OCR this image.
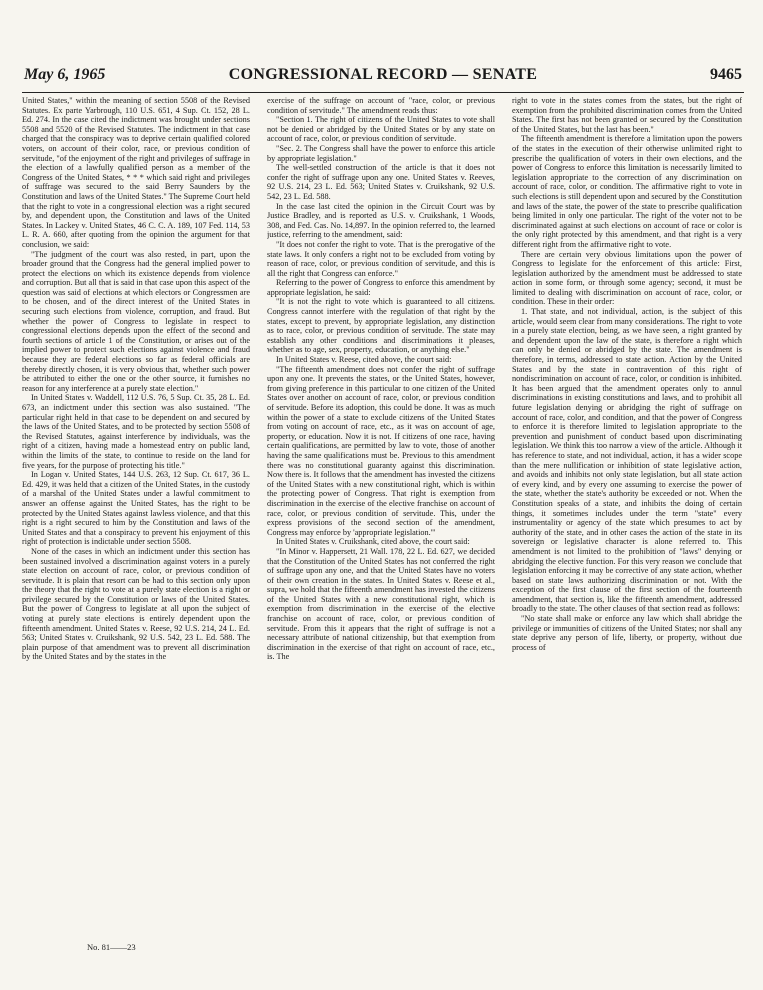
May 6, 1965	CONGRESSIONAL RECORD — SENATE	9465

United States," within the meaning of section 5508 of the Revised Statutes. Ex parte Yarbrough, 110 U.S. 651, 4 Sup. Ct. 152, 28 L. Ed. 274. In the case cited the indictment was brought under sections 5508 and 5520 of the Revised Statutes. The indictment in that case charged that the conspiracy was to deprive certain qualified colored voters, on account of their color, race, or previous condition of servitude, "of the enjoyment of the right and privileges of suffrage in the election of a lawfully qualified person as a member of the Congress of the United States, * * * which said right and privileges of suffrage was secured to the said Berry Saunders by the Constitution and laws of the United States." The Supreme Court held that the right to vote in a congressional election was a right secured by, and dependent upon, the Constitution and laws of the United States. In Lackey v. United States, 46 C. C. A. 189, 107 Fed. 114, 53 L. R. A. 660, after quoting from the opinion the argument for that conclusion, we said:

"The judgment of the court was also rested, in part, upon the broader ground that the Congress had the general implied power to protect the elections on which its existence depends from violence and corruption. But all that is said in that case upon this aspect of the question was said of elections at which electors or Congressmen are to be chosen, and of the direct interest of the United States in securing such elections from violence, corruption, and fraud. But whether the power of Congress to legislate in respect to congressional elections depends upon the effect of the second and fourth sections of article 1 of the Constitution, or arises out of the implied power to protect such elections against violence and fraud because they are federal elections so far as federal officials are thereby directly chosen, it is very obvious that, whether such power be attributed to either the one or the other source, it furnishes no reason for any interference at a purely state election."

In United States v. Waddell, 112 U.S. 76, 5 Sup. Ct. 35, 28 L. Ed. 673, an indictment under this section was also sustained. "The particular right held in that case to be dependent on and secured by the laws of the United States, and to be protected by section 5508 of the Revised Statutes, against interference by individuals, was the right of a citizen, having made a homestead entry on public land, within the limits of the state, to continue to reside on the land for five years, for the purpose of protecting his title."

In Logan v. United States, 144 U.S. 263, 12 Sup. Ct. 617, 36 L. Ed. 429, it was held that a citizen of the United States, in the custody of a marshal of the United States under a lawful commitment to answer an offense against the United States, has the right to be protected by the United States against lawless violence, and that this right is a right secured to him by the Constitution and laws of the United States and that a conspiracy to prevent his enjoyment of this right of protection is indictable under section 5508.

None of the cases in which an indictment under this section has been sustained involved a discrimination against voters in a purely state election on account of race, color, or previous condition of servitude. It is plain that resort can be had to this section only upon the theory that the right to vote at a purely state election is a right or privilege secured by the Constitution or laws of the United States. But the power of Congress to legislate at all upon the subject of voting at purely state elections is entirely dependent upon the fifteenth amendment. United States v. Reese, 92 U.S. 214, 24 L. Ed. 563; United States v. Cruikshank, 92 U.S. 542, 23 L. Ed. 588. The plain purpose of that amendment was to prevent all discrimination by the United States and by the states in the

exercise of the suffrage on account of "race, color, or previous condition of servitude." The amendment reads thus:

"Section 1. The right of citizens of the United States to vote shall not be denied or abridged by the United States or by any state on account of race, color, or previous condition of servitude.

"Sec. 2. The Congress shall have the power to enforce this article by appropriate legislation."

The well-settled construction of the article is that it does not confer the right of suffrage upon any one. United States v. Reeves, 92 U.S. 214, 23 L. Ed. 563; United States v. Cruikshank, 92 U.S. 542, 23 L. Ed. 588.

In the case last cited the opinion in the Circuit Court was by Justice Bradley, and is reported as U.S. v. Cruikshank, 1 Woods, 308, and Fed. Cas. No. 14,897. In the opinion referred to, the learned justice, referring to the amendment, said:

"It does not confer the right to vote. That is the prerogative of the state laws. It only confers a right not to be excluded from voting by reason of race, color, or previous condition of servitude, and this is all the right that Congress can enforce."

Referring to the power of Congress to enforce this amendment by appropriate legislation, he said:

"It is not the right to vote which is guaranteed to all citizens. Congress cannot interfere with the regulation of that right by the states, except to prevent, by appropriate legislation, any distinction as to race, color, or previous condition of servitude. The state may establish any other conditions and discriminations it pleases, whether as to age, sex, property, education, or anything else."

In United States v. Reese, cited above, the court said:

"The fifteenth amendment does not confer the right of suffrage upon any one. It prevents the states, or the United States, however, from giving preference in this particular to one citizen of the United States over another on account of race, color, or previous condition of servitude. Before its adoption, this could be done. It was as much within the power of a state to exclude citizens of the United States from voting on account of race, etc., as it was on account of age, property, or education. Now it is not. If citizens of one race, having certain qualifications, are permitted by law to vote, those of another having the same qualifications must be. Previous to this amendment there was no constitutional guaranty against this discrimination. Now there is. It follows that the amendment has invested the citizens of the United States with a new constitutional right, which is within the protecting power of Congress. That right is exemption from discrimination in the exercise of the elective franchise on account of race, color, or previous condition of servitude. This, under the express provisions of the second section of the amendment, Congress may enforce by 'appropriate legislation.'"

In United States v. Cruikshank, cited above, the court said:

"In Minor v. Happersett, 21 Wall. 178, 22 L. Ed. 627, we decided that the Constitution of the United States has not conferred the right of suffrage upon any one, and that the United States have no voters of their own creation in the states. In United States v. Reese et al., supra, we hold that the fifteenth amendment has invested the citizens of the United States with a new constitutional right, which is exemption from discrimination in the exercise of the elective franchise on account of race, color, or previous condition of servitude. From this it appears that the right of suffrage is not a necessary attribute of national citizenship, but that exemption from discrimination in the exercise of that right on account of race, etc., is. The

right to vote in the states comes from the states, but the right of exemption from the prohibited discrimination comes from the United States. The first has not been granted or secured by the Constitution of the United States, but the last has been."

The fifteenth amendment is therefore a limitation upon the powers of the states in the execution of their otherwise unlimited right to prescribe the qualification of voters in their own elections, and the power of Congress to enforce this limitation is necessarily limited to legislation appropriate to the correction of any discrimination on account of race, color, or condition. The affirmative right to vote in such elections is still dependent upon and secured by the Constitution and laws of the state, the power of the state to prescribe qualification being limited in only one particular. The right of the voter not to be discriminated against at such elections on account of race or color is the only right protected by this amendment, and that right is a very different right from the affirmative right to vote.

There are certain very obvious limitations upon the power of Congress to legislate for the enforcement of this article: First, legislation authorized by the amendment must be addressed to state action in some form, or through some agency; second, it must be limited to dealing with discrimination on account of race, color, or condition. These in their order:

1. That state, and not individual, action, is the subject of this article, would seem clear from many considerations. The right to vote in a purely state election, being, as we have seen, a right granted by and dependent upon the law of the state, is therefore a right which can only be denied or abridged by the state. The amendment is therefore, in terms, addressed to state action. Action by the United States and by the state in contravention of this right of nondiscrimination on account of race, color, or condition is inhibited. It has been argued that the amendment operates only to annul discriminations in existing constitutions and laws, and to prohibit all future legislation denying or abridging the right of suffrage on account of race, color, and condition, and that the power of Congress to enforce it is therefore limited to legislation appropriate to the prevention and punishment of conduct based upon discriminating legislation. We think this too narrow a view of the article. Although it has reference to state, and not individual, action, it has a wider scope than the mere nullification or inhibition of state legislative action, and avoids and inhibits not only state legislation, but all state action of every kind, and by every one assuming to exercise the power of the state, whether the state's authority be exceeded or not. When the Constitution speaks of a state, and inhibits the doing of certain things, it sometimes includes under the term "state" every instrumentality or agency of the state which presumes to act by authority of the state, and in other cases the action of the state in its sovereign or legislative character is alone referred to. This amendment is not limited to the prohibition of "laws" denying or abridging the elective function. For this very reason we conclude that legislation enforcing it may be corrective of any state action, whether based on state laws authorizing discrimination or not. With the exception of the first clause of the first section of the fourteenth amendment, that section is, like the fifteenth amendment, addressed broadly to the state. The other clauses of that section read as follows:

"No state shall make or enforce any law which shall abridge the privilege or immunities of citizens of the United States; nor shall any state deprive any person of life, liberty, or property, without due process of

No. 81——23
